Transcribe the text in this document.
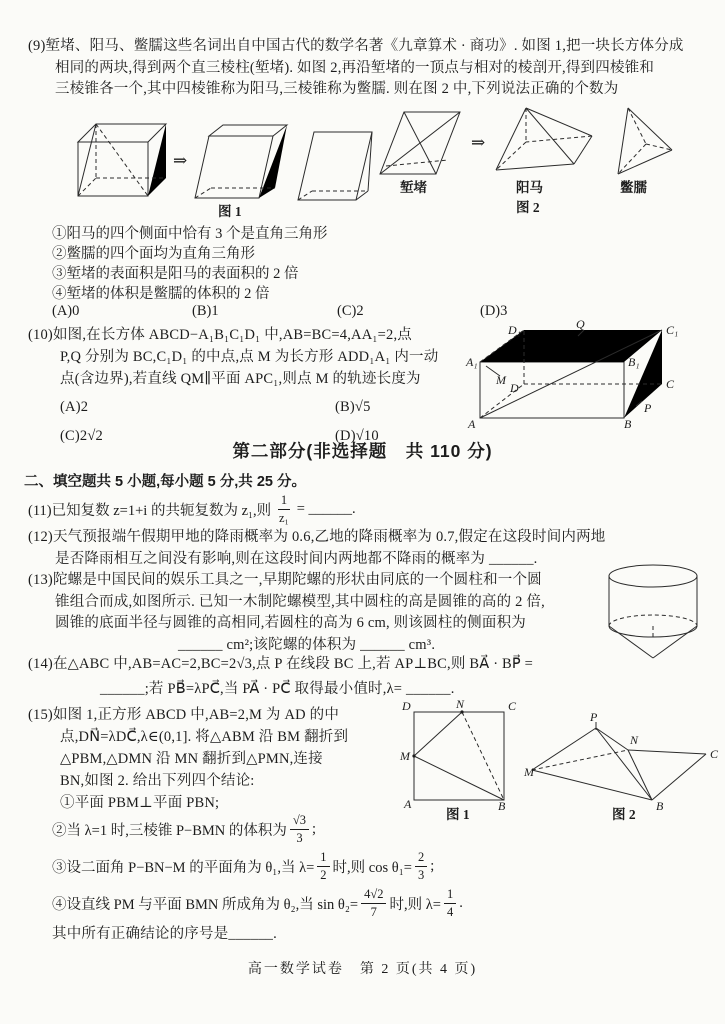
(9)堑堵、阳马、鳖臑这些名词出自中国古代的数学名著《九章算术 · 商功》. 如图 1,把一块长方体分成
相同的两块,得到两个直三棱柱(堑堵). 如图 2,再沿堑堵的一顶点与相对的棱剖开,得到四棱锥和
三棱锥各一个,其中四棱锥称为阳马,三棱锥称为鳖臑. 则在图 2 中,下列说法正确的个数为
⇒
图 1
⇒
堑堵	阳马	鳖臑
图 2
①阳马的四个侧面中恰有 3 个是直角三角形
②鳖臑的四个面均为直角三角形
③堑堵的表面积是阳马的表面积的 2 倍
④堑堵的体积是鳖臑的体积的 2 倍
(A)0	(B)1	(C)2	(D)3
(10)如图,在长方体 ABCD−A₁B₁C₁D₁ 中,AB=BC=4,AA₁=2,点
P,Q 分别为 BC,C₁D₁ 的中点,点 M 为长方形 ADD₁A₁ 内一动
点(含边界),若直线 QM∥平面 APC₁,则点 M 的轨迹长度为
(A)2	(B)√5
(C)2√2	(D)√10
D₁	Q	C₁
A₁
M
B₁
D	C
P
A	B
第二部分(非选择题　共 110 分)
二、填空题共 5 小题,每小题 5 分,共 25 分。
(11)已知复数 z=1+i 的共轭复数为 z₁,则 $\frac{1}{\text{z₁}}$ = ______.
(12)天气预报端午假期甲地的降雨概率为 0.6,乙地的降雨概率为 0.7,假定在这段时间内两地
是否降雨相互之间没有影响,则在这段时间内两地都不降雨的概率为 ______.
(13)陀螺是中国民间的娱乐工具之一,早期陀螺的形状由同底的一个圆柱和一个圆
锥组合而成,如图所示. 已知一木制陀螺模型,其中圆柱的高是圆锥的高的 2 倍,
圆锥的底面半径与圆锥的高相同,若圆柱的高为 6 cm, 则该圆柱的侧面积为
______ cm²;该陀螺的体积为 ______ cm³.
(14)在△ABC 中,AB=AC=2,BC=2√3,点 P 在线段 BC 上,若 AP⊥BC,则 BA⃗ · BP⃗ =
______;若 PB⃗=λPC⃗,当 PA⃗ · PC⃗ 取得最小值时,λ= ______.
(15)如图 1,正方形 ABCD 中,AB=2,M 为 AD 的中
点,DN⃗=λDC⃗,λ∈(0,1]. 将△ABM 沿 BM 翻折到
△PBM,△DMN 沿 MN 翻折到△PMN,连接
BN,如图 2. 给出下列四个结论:
①平面 PBM⊥平面 PBN;
D	N	C
M
A	B
图 1
M
P
N
C
B
图 2
②当 λ=1 时,三棱锥 P−BMN 的体积为 $\frac{√3}{3}$ ;
③设二面角 P−BN−M 的平面角为 θ₁,当 $\lambda= \frac{1}{2}$ 时,则 $\cos \theta_1= \frac{2}{3}$ ;
④设直线 PM 与平面 BMN 所成角为 θ₂,当 $\sin \theta_2= \frac{4√2}{7}$ 时,则 $\lambda= \frac{1}{4}$ .
其中所有正确结论的序号是______.
高一数学试卷　第 2 页(共 4 页)
